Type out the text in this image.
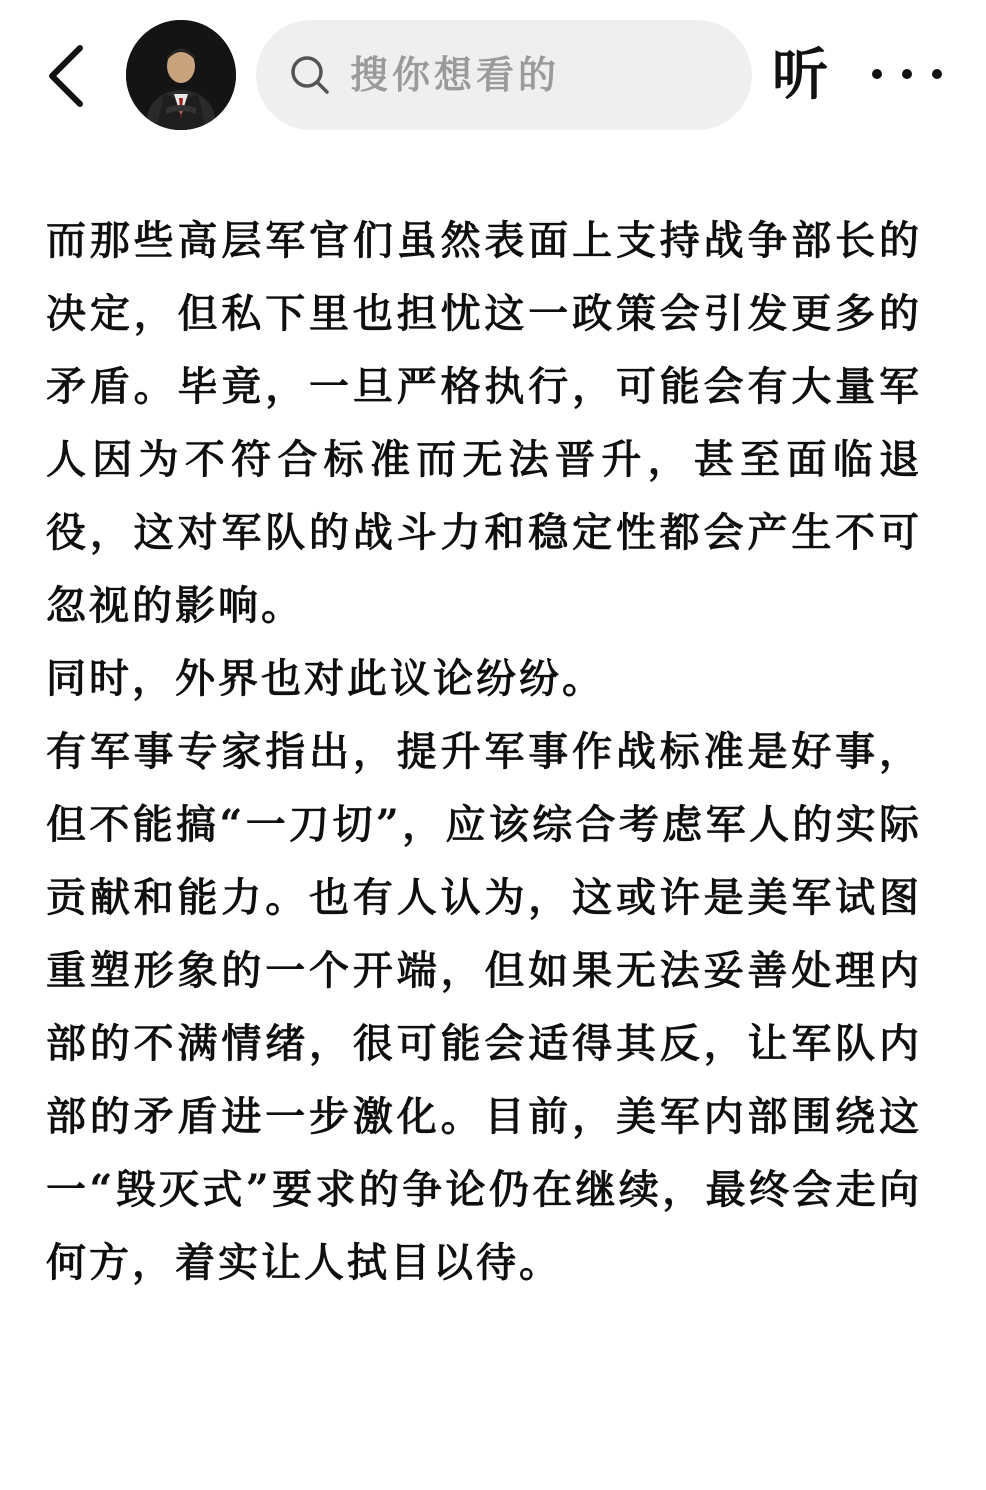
搜你想看的	听

而那些高层军官们虽然表面上支持战争部长的决定，但私下里也担忧这一政策会引发更多的矛盾。毕竟，一旦严格执行，可能会有大量军人因为不符合标准而无法晋升，甚至面临退役，这对军队的战斗力和稳定性都会产生不可忽视的影响。

同时，外界也对此议论纷纷。

有军事专家指出，提升军事作战标准是好事，但不能搞“一刀切”，应该综合考虑军人的实际贡献和能力。也有人认为，这或许是美军试图重塑形象的一个开端，但如果无法妥善处理内部的不满情绪，很可能会适得其反，让军队内部的矛盾进一步激化。目前，美军内部围绕这一“毁灭式”要求的争论仍在继续，最终会走向何方，着实让人拭目以待。
